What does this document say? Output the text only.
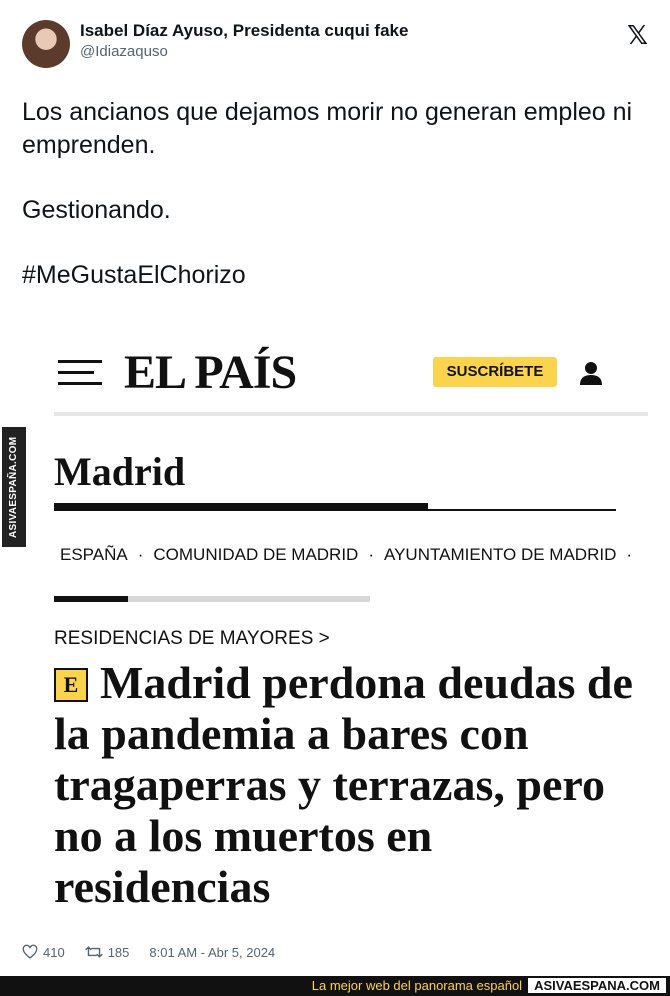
Isabel Díaz Ayuso, Presidenta cuqui fake
@Idiazaquso
𝕏

Los ancianos que dejamos morir no generan empleo ni emprenden.

Gestionando.

#MeGustaElChorizo

ASIVAESPAÑA.COM
EL PAÍS	SUSCRÍBETE
Madrid
ESPAÑA · COMUNIDAD DE MADRID · AYUNTAMIENTO DE MADRID ·
RESIDENCIAS DE MAYORES >
E Madrid perdona deudas de la pandemia a bares con tragaperras y terrazas, pero no a los muertos en residencias
410	185 8:01 AM - Abr 5, 2024
La mejor web del panorama español ASIVAESPANA.COM
